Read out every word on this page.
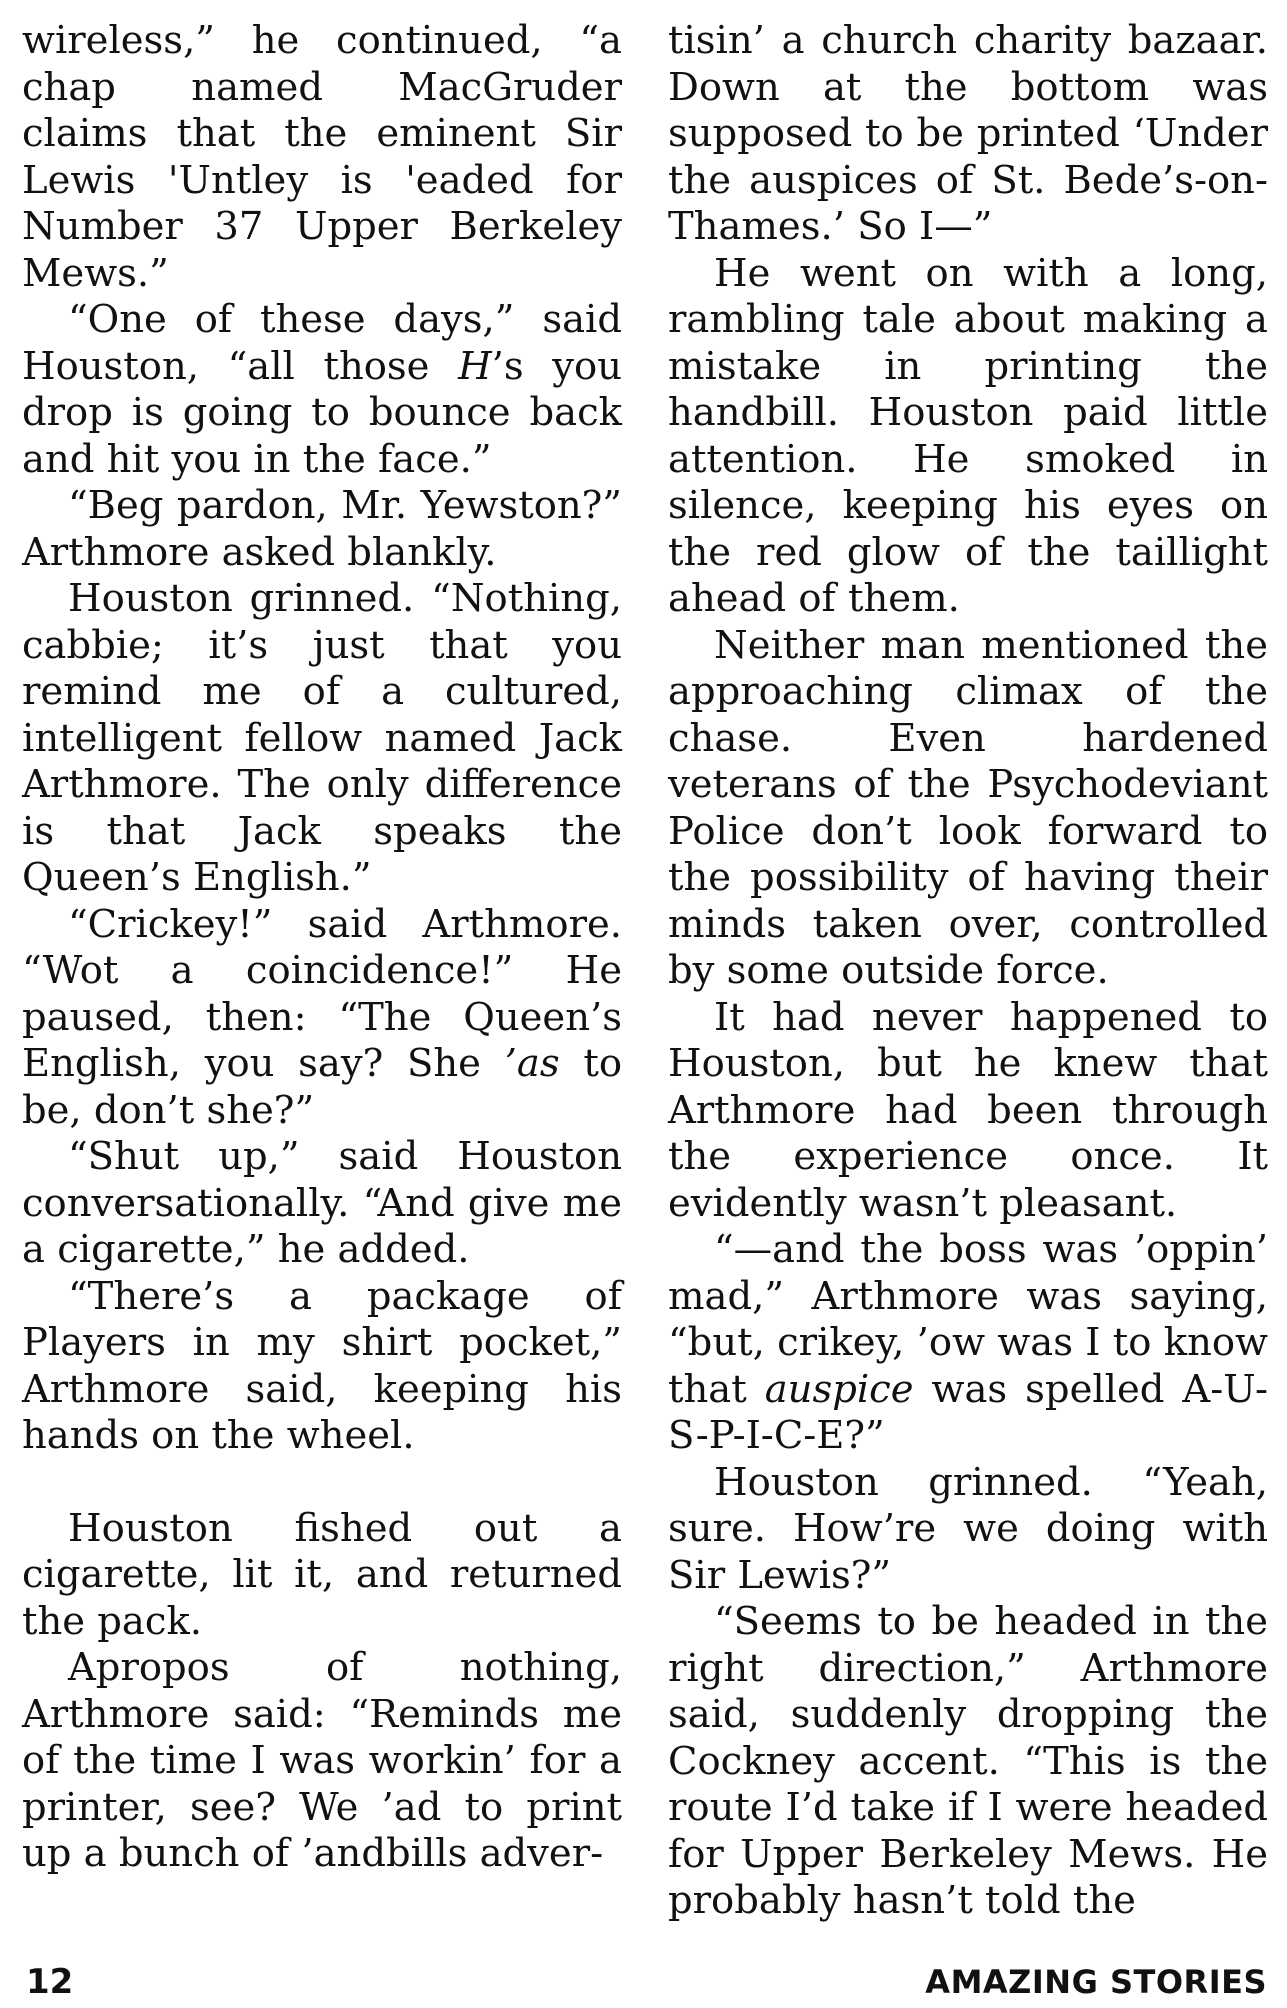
wireless,” he continued, “a chap named MacGruder claims that the eminent Sir Lewis 'Untley is 'eaded for Number 37 Upper Berkeley Mews.”

“One of these days,” said Houston, “all those H’s you drop is going to bounce back and hit you in the face.”

“Beg pardon, Mr. Yewston?” Arthmore asked blankly.

Houston grinned. “Nothing, cabbie; it’s just that you remind me of a cultured, intelligent fellow named Jack Arthmore. The only difference is that Jack speaks the Queen’s English.”

“Crickey!” said Arthmore. “Wot a coincidence!” He paused, then: “The Queen’s English, you say? She ’as to be, don’t she?”

“Shut up,” said Houston conversationally. “And give me a cigarette,” he added.

“There’s a package of Players in my shirt pocket,” Arthmore said, keeping his hands on the wheel.

Houston fished out a cigarette, lit it, and returned the pack.

Apropos of nothing, Arthmore said: “Reminds me of the time I was workin’ for a printer, see? We ’ad to print up a bunch of ’andbills adver-

tisin’ a church charity bazaar. Down at the bottom was supposed to be printed ‘Under the auspices of St. Bede’s-on-Thames.’ So I—”

He went on with a long, rambling tale about making a mistake in printing the handbill. Houston paid little attention. He smoked in silence, keeping his eyes on the red glow of the taillight ahead of them.

Neither man mentioned the approaching climax of the chase. Even hardened veterans of the Psychodeviant Police don’t look forward to the possibility of having their minds taken over, controlled by some outside force.

It had never happened to Houston, but he knew that Arthmore had been through the experience once. It evidently wasn’t pleasant.

“—and the boss was ’oppin’ mad,” Arthmore was saying, “but, crikey, ’ow was I to know that auspice was spelled A-U-S-P-I-C-E?”

Houston grinned. “Yeah, sure. How’re we doing with Sir Lewis?”

“Seems to be headed in the right direction,” Arthmore said, suddenly dropping the Cockney accent. “This is the route I’d take if I were headed for Upper Berkeley Mews. He probably hasn’t told the

12	AMAZING STORIES
